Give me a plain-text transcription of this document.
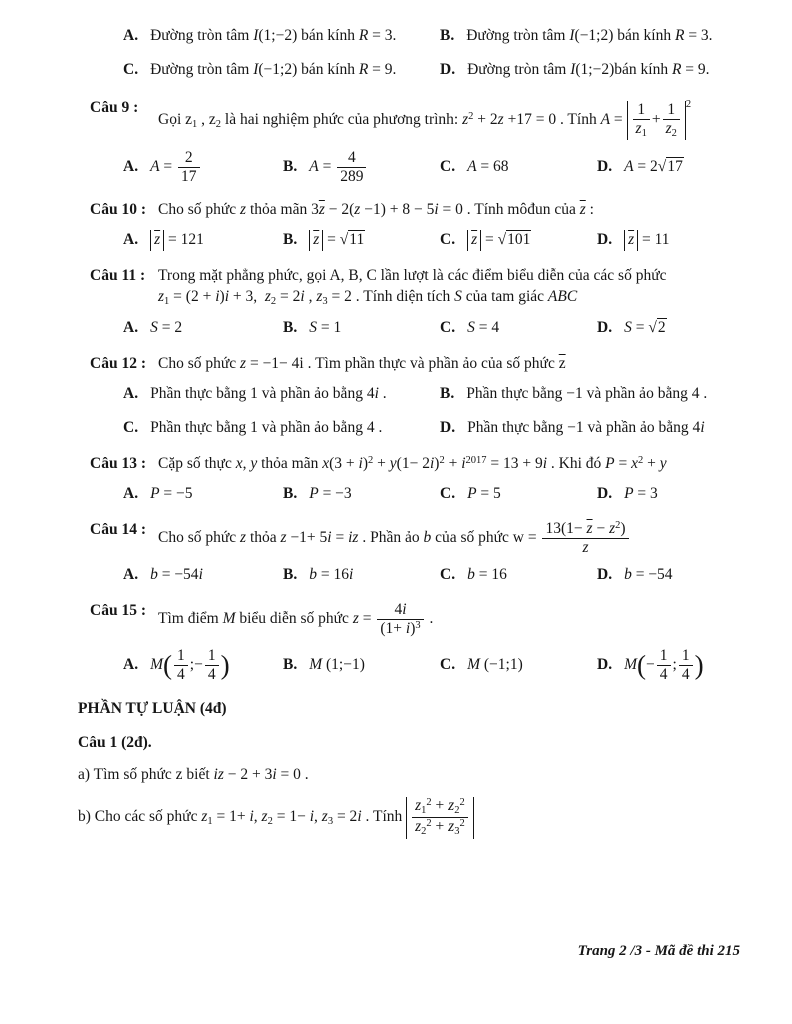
A. Đường tròn tâm I(1;−2) bán kính R = 3.	B. Đường tròn tâm I(−1;2) bán kính R = 3.
C. Đường tròn tâm I(−1;2) bán kính R = 9.	D. Đường tròn tâm I(1;−2)bán kính R = 9.
Câu 9 :
Gọi $z_1$ , $z_2$ là hai nghiệm phức của phương trình: $z^2 + 2z +17 = 0$ . Tính $A = \frac{1}{z_1} + \frac{1}{z_2} ^2$
A. $A = \frac{2}{17}$	B. $A = \frac{4}{289}$	C. A = 68	D. A = 2√17
Câu 10 : Cho số phức z thỏa mãn $3\overline{z} - 2(z -1) + 8 - 5i = 0$ . Tính môđun của $\overline{z}$ :
A. $\overline{z} = 121$	B. $\overline{z} = √11$	C. $\overline{z} = √101$	D. $\overline{z} = 11$
Câu 11 : Trong mặt phẳng phức, gọi A, B, C lần lượt là các điểm biểu diễn của các số phức
$z_1 = (2 + i)i + 3$,  $z_2 = 2i$ , $z_3 = 2$ . Tính diện tích S của tam giác ABC
A. S = 2	B. S = 1	C. S = 4	D. S = √2
Câu 12 : Cho số phức z = −1− 4i . Tìm phần thực và phần ảo của số phức $\overline{z}$
A. Phần thực bằng 1 và phần ảo bằng 4i .	B. Phần thực bằng −1 và phần ảo bằng 4 .
C. Phần thực bằng 1 và phần ảo bằng 4 .	D. Phần thực bằng −1 và phần ảo bằng 4i
Câu 13 : Cặp số thực x, y thỏa mãn $x(3 + i)^2 + y(1- 2i)^2 + i^{2017} = 13 + 9i$ . Khi đó $P = x^2 + y$
A. P = −5	B. P = −3	C. P = 5	D. P = 3
Câu 14 : Cho số phức z thỏa z −1+ 5i = iz . Phần ảo b của số phức $w = \frac{13(1- \overline{z} - z^2)}{z}$
A. b = −54i	B. b = 16i	C. b = 16	D. b = −54
Câu 15 : Tìm điểm M biểu diễn số phức $z = \frac{4i}{(1+ i)^3}$ .
A. $M( \frac{1}{4}$ ;− $\frac{1}{4}$ )	B. M (1;−1)	C. M (−1;1)	D. $M(- \frac{1}{4}$ ; $\frac{1}{4}$ )
PHẦN TỰ LUẬN (4đ)
Câu 1 (2đ).
a) Tìm số phức z biết iz − 2 + 3i = 0 .
b) Cho các số phức $z_1 = 1+ i$, $z_2 = 1- i$, $z_3 = 2i$ . Tính $\frac{z_1^2 + z_2^2}{z_2^2 + z_3^2}$
Trang 2 /3 - Mã đề thi 215
